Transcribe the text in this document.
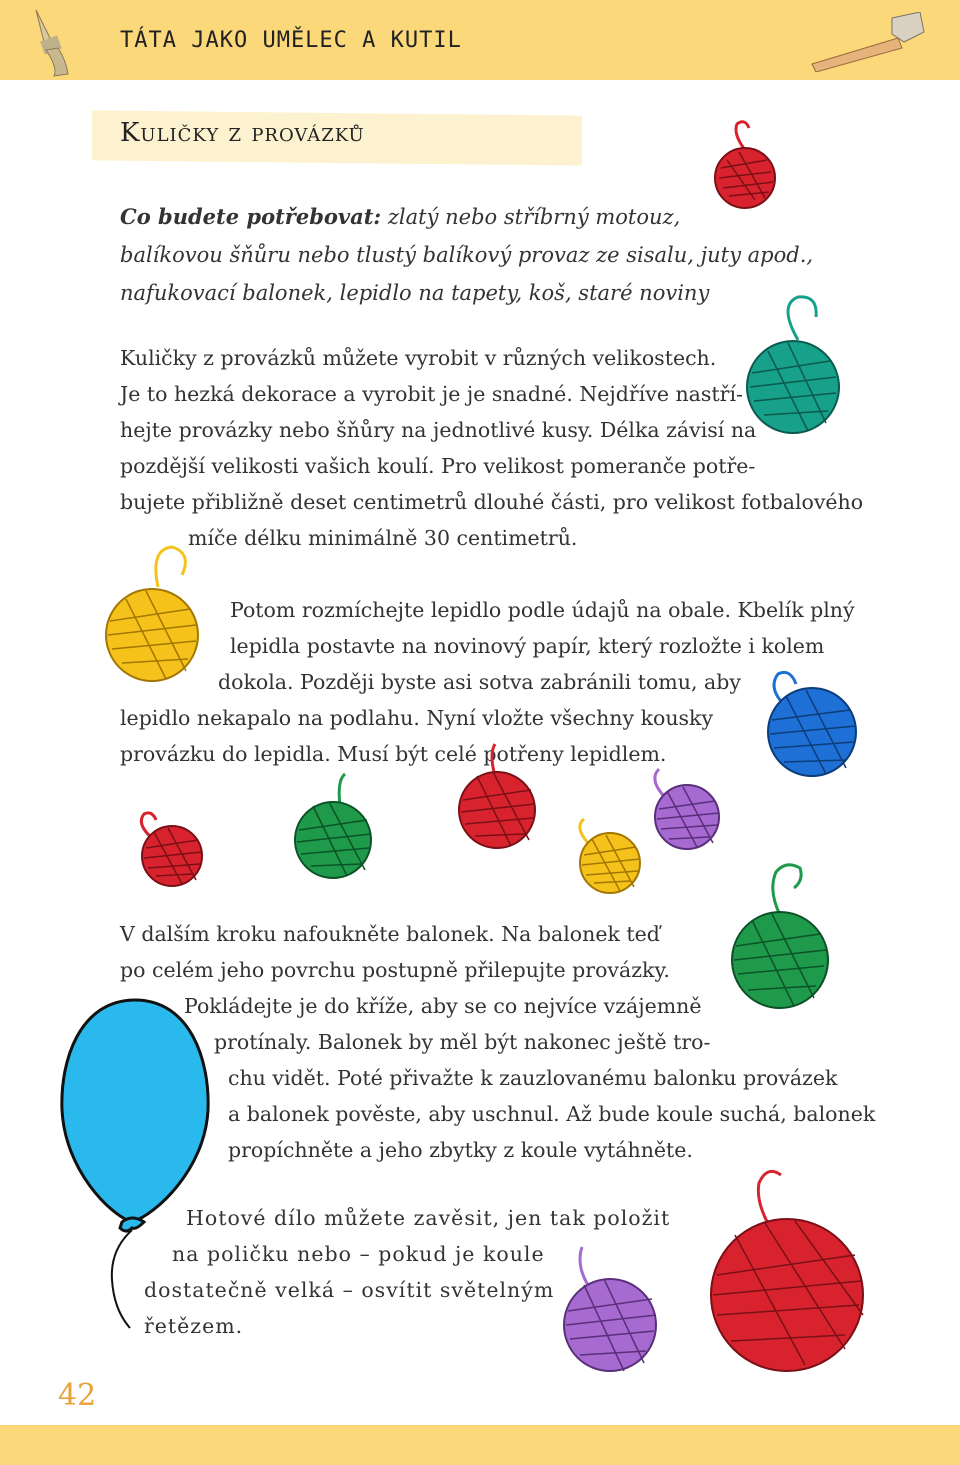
TÁTA JAKO UMĚLEC A KUTIL
Kuličky z provázků

Co budete potřebovat: zlatý nebo stříbrný motouz,
balíkovou šňůru nebo tlustý balíkový provaz ze sisalu, juty apod.,
nafukovací balonek, lepidlo na tapety, koš, staré noviny

Kuličky z provázků můžete vyrobit v různých velikostech.
Je to hezká dekorace a vyrobit je je snadné. Nejdříve nastří-
hejte provázky nebo šňůry na jednotlivé kusy. Délka závisí na
pozdější velikosti vašich koulí. Pro velikost pomeranče potře-
bujete přibližně deset centimetrů dlouhé části, pro velikost fotbalového
míče délku minimálně 30 centimetrů.

Potom rozmíchejte lepidlo podle údajů na obale. Kbelík plný
lepidla postavte na novinový papír, který rozložte i kolem
dokola. Později byste asi sotva zabránili tomu, aby
lepidlo nekapalo na podlahu. Nyní vložte všechny kousky
provázku do lepidla. Musí být celé potřeny lepidlem.

V dalším kroku nafoukněte balonek. Na balonek teď
po celém jeho povrchu postupně přilepujte provázky.
Pokládejte je do kříže, aby se co nejvíce vzájemně
protínaly. Balonek by měl být nakonec ještě tro-
chu vidět. Poté přivažte k zauzlovanému balonku provázek
a balonek pověste, aby uschnul. Až bude koule suchá, balonek
propíchněte a jeho zbytky z koule vytáhněte.

Hotové dílo můžete zavěsit, jen tak položit
na poličku nebo – pokud je koule
dostatečně velká – osvítit světelným
řetězem.

42
